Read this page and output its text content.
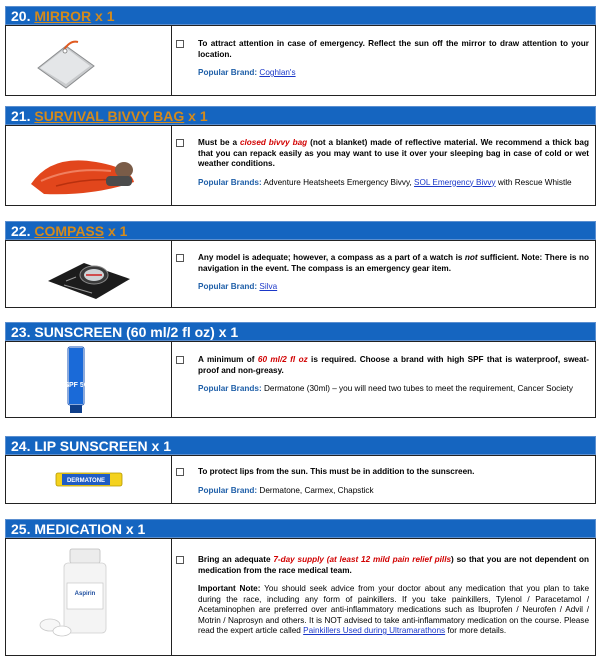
20.
MIRROR
x 1
To attract attention in case of emergency. Reflect the sun off the mirror to draw attention to your location.
Popular Brand: Coghlan's
21.
SURVIVAL BIVVY BAG
x 1
Must be a closed bivvy bag (not a blanket) made of reflective material. We recommend a thick bag that you can repack easily as you may want to use it over your sleeping bag in case of cold or wet weather conditions.
Popular Brands: Adventure Heatsheets Emergency Bivvy, SOL Emergency Bivvy with Rescue Whistle
22.
COMPASS
x 1
Any model is adequate; however, a compass as a part of a watch is not sufficient. Note: There is no navigation in the event. The compass is an emergency gear item.
Popular Brand: Silva
23. SUNSCREEN (60 ml/2 fl oz) x 1
SPF 50
A minimum of 60 ml/2 fl oz is required. Choose a brand with high SPF that is waterproof, sweat-proof and non-greasy.
Popular Brands: Dermatone (30ml) – you will need two tubes to meet the requirement, Cancer Society
24. LIP SUNSCREEN x 1
DERMATONE
To protect lips from the sun. This must be in addition to the sunscreen.
Popular Brand: Dermatone, Carmex, Chapstick
25. MEDICATION x 1
Aspirin
Bring an adequate 7-day supply (at least 12 mild pain relief pills) so that you are not dependent on medication from the race medical team.
Important Note: You should seek advice from your doctor about any medication that you plan to take during the race, including any form of painkillers. If you take painkillers, Tylenol / Paracetamol / Acetaminophen are preferred over anti-inflammatory medications such as Ibuprofen / Neurofen / Advil / Motrin / Naprosyn and others. It is NOT advised to take anti-inflammatory medication on the course. Please read the expert article called Painkillers Used during Ultramarathons for more details.
